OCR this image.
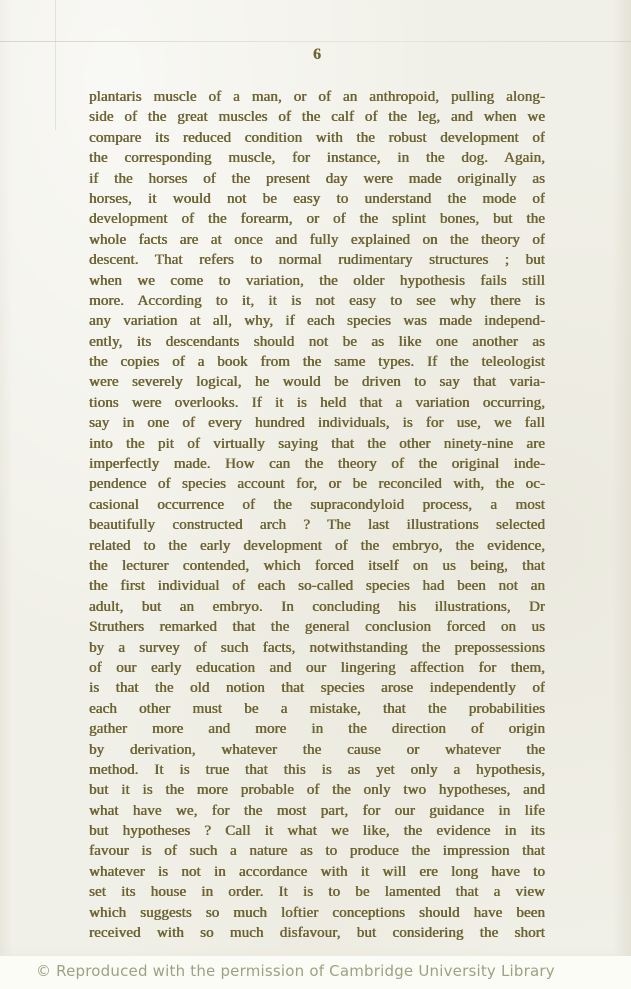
6
plantaris muscle of a man, or of an anthropoid, pulling along-
side of the great muscles of the calf of the leg, and when we
compare its reduced condition with the robust development of
the corresponding muscle, for instance, in the dog. Again,
if the horses of the present day were made originally as
horses, it would not be easy to understand the mode of
development of the forearm, or of the splint bones, but the
whole facts are at once and fully explained on the theory of
descent. That refers to normal rudimentary structures ; but
when we come to variation, the older hypothesis fails still
more. According to it, it is not easy to see why there is
any variation at all, why, if each species was made independ-
ently, its descendants should not be as like one another as
the copies of a book from the same types. If the teleologist
were severely logical, he would be driven to say that varia-
tions were overlooks. If it is held that a variation occurring,
say in one of every hundred individuals, is for use, we fall
into the pit of virtually saying that the other ninety-nine are
imperfectly made. How can the theory of the original inde-
pendence of species account for, or be reconciled with, the oc-
casional occurrence of the supracondyloid process, a most
beautifully constructed arch ? The last illustrations selected
related to the early development of the embryo, the evidence,
the lecturer contended, which forced itself on us being, that
the first individual of each so-called species had been not an
adult, but an embryo. In concluding his illustrations, Dr
Struthers remarked that the general conclusion forced on us
by a survey of such facts, notwithstanding the prepossessions
of our early education and our lingering affection for them,
is that the old notion that species arose independently of
each other must be a mistake, that the probabilities
gather more and more in the direction of origin
by derivation, whatever the cause or whatever the
method. It is true that this is as yet only a hypothesis,
but it is the more probable of the only two hypotheses, and
what have we, for the most part, for our guidance in life
but hypotheses ? Call it what we like, the evidence in its
favour is of such a nature as to produce the impression that
whatever is not in accordance with it will ere long have to
set its house in order. It is to be lamented that a view
which suggests so much loftier conceptions should have been
received with so much disfavour, but considering the short
© Reproduced with the permission of Cambridge University Library
